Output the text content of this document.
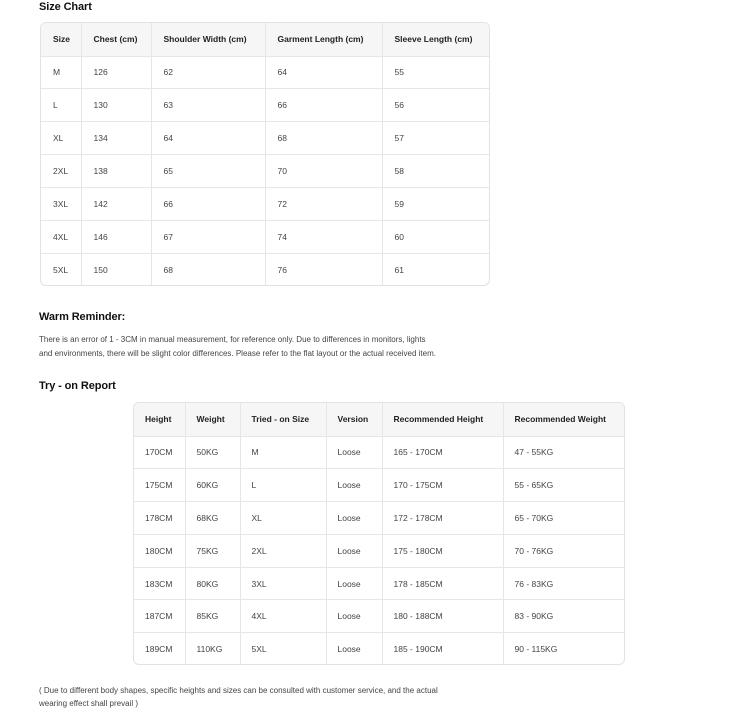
Size Chart
Size	Chest (cm)	Shoulder Width (cm)	Garment Length (cm)	Sleeve Length (cm)
M	126	62	64	55
L	130	63	66	56
XL	134	64	68	57
2XL	138	65	70	58
3XL	142	66	72	59
4XL	146	67	74	60
5XL	150	68	76	61
Warm Reminder:
There is an error of 1 - 3CM in manual measurement, for reference only. Due to differences in monitors, lights
and environments, there will be slight color differences. Please refer to the flat layout or the actual received item.
Try - on Report
Height	Weight	Tried - on Size	Version	Recommended Height	Recommended Weight
170CM	50KG	M	Loose	165 - 170CM	47 - 55KG
175CM	60KG	L	Loose	170 - 175CM	55 - 65KG
178CM	68KG	XL	Loose	172 - 178CM	65 - 70KG
180CM	75KG	2XL	Loose	175 - 180CM	70 - 76KG
183CM	80KG	3XL	Loose	178 - 185CM	76 - 83KG
187CM	85KG	4XL	Loose	180 - 188CM	83 - 90KG
189CM	110KG	5XL	Loose	185 - 190CM	90 - 115KG
( Due to different body shapes, specific heights and sizes can be consulted with customer service, and the actual
wearing effect shall prevail )
